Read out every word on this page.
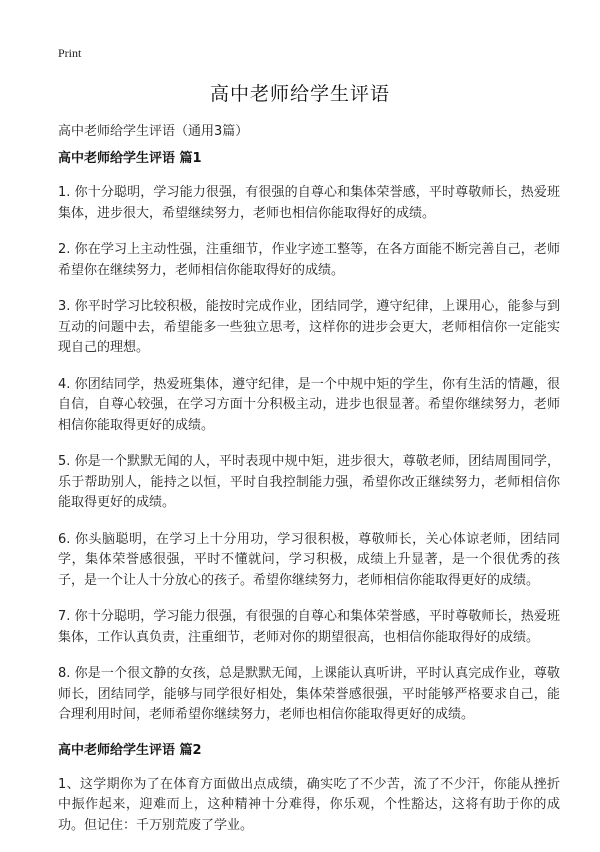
Print
高中老师给学生评语
高中老师给学生评语（通用3篇）
高中老师给学生评语 篇1

1. 你十分聪明，学习能力很强，有很强的自尊心和集体荣誉感，平时尊敬师长，热爱班集体，进步很大，希望继续努力，老师也相信你能取得好的成绩。

2. 你在学习上主动性强，注重细节，作业字迹工整等，在各方面能不断完善自己，老师希望你在继续努力，老师相信你能取得好的成绩。

3. 你平时学习比较积极，能按时完成作业，团结同学，遵守纪律，上课用心，能参与到互动的问题中去，希望能多一些独立思考，这样你的进步会更大，老师相信你一定能实现自己的理想。

4. 你团结同学，热爱班集体，遵守纪律，是一个中规中矩的学生，你有生活的情趣，很自信，自尊心较强，在学习方面十分积极主动，进步也很显著。希望你继续努力，老师相信你能取得更好的成绩。

5. 你是一个默默无闻的人，平时表现中规中矩，进步很大，尊敬老师，团结周围同学，乐于帮助别人，能持之以恒，平时自我控制能力强，希望你改正继续努力，老师相信你能取得更好的成绩。

6. 你头脑聪明，在学习上十分用功，学习很积极，尊敬师长，关心体谅老师，团结同学，集体荣誉感很强，平时不懂就问，学习积极，成绩上升显著，是一个很优秀的孩子，是一个让人十分放心的孩子。希望你继续努力，老师相信你能取得更好的成绩。

7. 你十分聪明，学习能力很强，有很强的自尊心和集体荣誉感，平时尊敬师长，热爱班集体，工作认真负责，注重细节，老师对你的期望很高，也相信你能取得好的成绩。

8. 你是一个很文静的女孩，总是默默无闻，上课能认真听讲，平时认真完成作业，尊敬师长，团结同学，能够与同学很好相处，集体荣誉感很强，平时能够严格要求自己，能合理利用时间，老师希望你继续努力，老师也相信你能取得更好的成绩。

高中老师给学生评语 篇2

1、这学期你为了在体育方面做出点成绩，确实吃了不少苦，流了不少汗，你能从挫折中振作起来，迎难而上，这种精神十分难得，你乐观，个性豁达，这将有助于你的成功。但记住：千万别荒废了学业。
